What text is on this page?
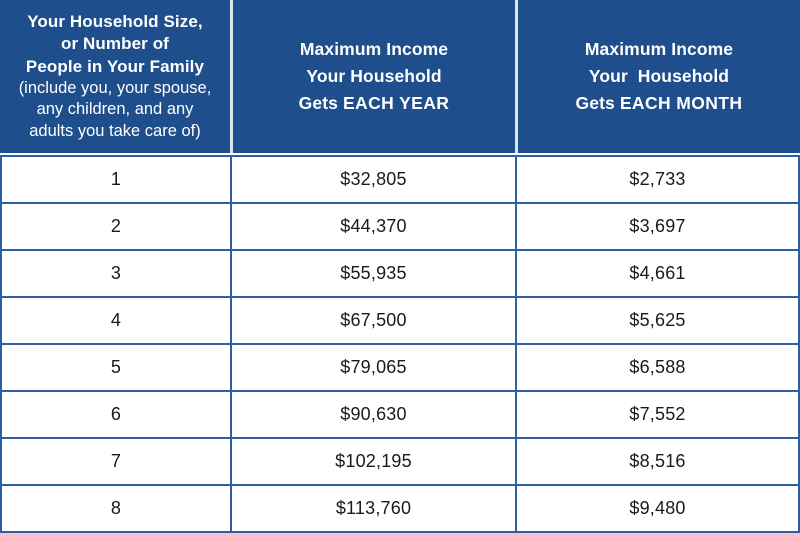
Your Household Size,
or Number of
People in Your Family
(include you, your spouse,
any children, and any
adults you take care of)
Maximum Income
Your Household
Gets EACH YEAR
Maximum Income
Your  Household
Gets EACH MONTH
1	$32,805	$2,733
2	$44,370	$3,697
3	$55,935	$4,661
4	$67,500	$5,625
5	$79,065	$6,588
6	$90,630	$7,552
7	$102,195	$8,516
8	$113,760	$9,480
